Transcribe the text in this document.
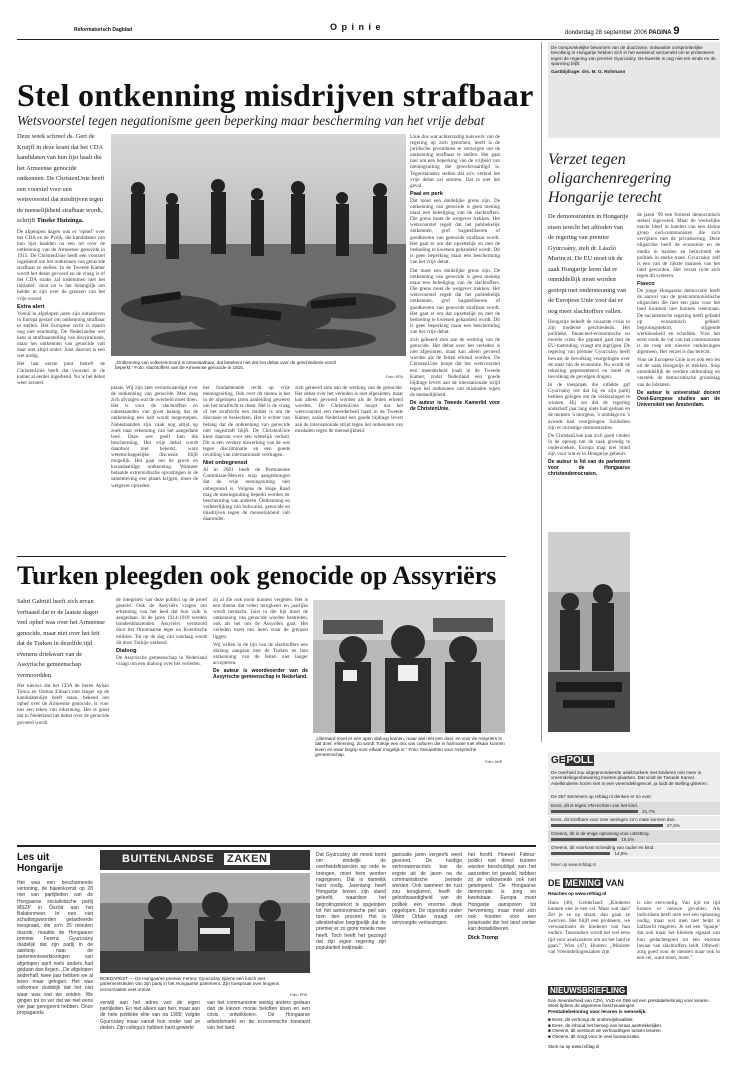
Reformatorisch Dagblad	O p i n i e
donderdag 28 september 2006 PAGINA 9
Stel ontkenning misdrijven strafbaar
Wetsvoorstel tegen negationisme geen beperking maar bescherming van het vrije debat

Deze week schreef ds. Gert de Kruijff in deze krant dat het CDA kandidaten van hun lijst haalt die het Armeense genocide ontkennen. De ChristenUnie heeft een voorstel voor een wetsvoorstel dat misdrijven tegen de menselijkheid strafbaar wordt, schrijft Tineke Huizinga.

De afgelopen dagen was er ‘ophef’ over het CDA en de PvdA, die kandidaten van hun lijst haalden na een rel over de ontkenning van de Armeense genocide in 1915. De ChristenUnie heeft een voorstel ingediend om het ontkennen van genocide strafbaar te stellen. In de Tweede Kamer wordt het debat gevoerd en de vraag is of het CDA straks zal instemmen met het initiatief. Juist nu is het belangrijk om helder te zijn over de grenzen van het vrije woord.

Extra alert

Vooral in afgelopen jaren zijn initiatieven in Europa gestart om ontkenning strafbaar te stellen. Het Europese recht is daarin nog niet eenduidig. De Nederlandse wet kent al strafbaarstelling van discriminatie, maar het ontkennen van genocide valt daar niet altijd onder. Juist daarom is een wet nodig.

Het laat eerste punt betreft de ChristenUnie heeft dat voorstel in de kamer al eerder ingediend. Nu is het debat weer actueel.

„Ontkenning van volkerenmoord is ontoelaatbaar, dat betekent niet dat het debat over de geschiedenis wordt beperkt.” Foto: slachtoffers van de Armeense genocide in 1915.
Foto: EPA

plaats. Wij zijn zeer verontwaardigd over de ontkenning van genocide. Men mag zich afvragen wat de overheid moet doen. Het is voor de slachtoffers en nabestaanden van groot belang dat de ontkenning een halt wordt toegeroepen. Nabestaanden zijn vaak nog altijd op zoek naar erkenning van het aangedane leed. Deze wet geeft hun die bescherming. Het vrije debat wordt daardoor niet beperkt, want wetenschappelijke discussie blijft mogelijk. Het gaat om de grove en kwaadaardige ontkenning. Wanneer betaalde extremistische opvattingen in de samenleving een plaats krijgen, moet de wetgever optreden.

het fundamentele recht op vrije meningsuiting. Ook over dit thema is het in de afgelopen jaren aanleiding geweest om het strafrecht te doen. Het is de vraag of het strafrecht een middel is om de discussie te beslechten. Het is echter van belang dat de ontkenning van genocide niet ongestraft blijft. De ChristenUnie kiest daarom voor een wettelijk verbod. Dit is een verdere uitwerking van de wet tegen discriminatie en een goede invulling van internationale verdragen.

Niet onbegrensd

Al in 2001 heeft de Permanente Commissie-Meyers erop aangedrongen dat de vrije meningsuiting niet onbegrensd is. Volgens de Hoge Raad mag de meningsuiting beperkt worden ter bescherming van anderen. Ontkenning en verheerlijking van holocaust, genocide en misdrijven tegen de menselijkheid valt daaronder.

Unie dus wat achterstallig huiswerk van de regering op zich genomen, heeft is de juridische procedures te verzorgen om de ontkenning strafbaar te stellen. Het gaat hier om een beperking van de vrijheid van meningsuiting die gerechtvaardigd is. Tegenstanders stellen dat zo'n verbod het vrije debat zal smoren. Dat is niet het geval.

Paal en perk

Dat moet een duidelijke grens zijn. De ontkenning van genocide is geen mening maar een belediging van de slachtoffers. Die grens moet de wetgever trekken. Het wetsvoorstel regelt dat het publiekelijk ontkennen, grof bagatelliseren of goedkeuren van genocide strafbaar wordt. Het gaat er om dat opzettelijk en met de bedoeling te kwetsen gehandeld wordt. Dit is geen beperking maar een bescherming van het vrije debat.

zich gelieerd zien aan de werking van de genocide. Het debat over het verleden is niet afgesloten, maar kan alleen gevoerd worden als de feiten erkend worden. De ChristenUnie hoopt dat het wetsvoorstel een meerderheid haalt in de Tweede Kamer, zodat Nederland een goede bijdrage levert aan de internationale strijd tegen het ontkennen van misdaden tegen de menselijkheid.

Dat moet een duidelijke grens zijn. De ontkenning van genocide is geen mening maar een belediging van de slachtoffers. Die grens moet de wetgever trekken. Het wetsvoorstel regelt dat het publiekelijk ontkennen, grof bagatelliseren of goedkeuren van genocide strafbaar wordt. Het gaat er om dat opzettelijk en met de bedoeling te kwetsen gehandeld wordt. Dit is geen beperking maar een bescherming van het vrije debat.

zich gelieerd zien aan de werking van de genocide. Het debat over het verleden is niet afgesloten, maar kan alleen gevoerd worden als de feiten erkend worden. De ChristenUnie hoopt dat het wetsvoorstel een meerderheid haalt in de Tweede Kamer, zodat Nederland een goede bijdrage levert aan de internationale strijd tegen het ontkennen van misdaden tegen de menselijkheid.

De auteur is Tweede Kamerlid voor de ChristenUnie.

Turken pleegden ook genocide op Assyriërs

Sabri Gabriël heeft zich ervan verbaasd dat er de laatste dagen veel ophef was over het Armeense genocide, maar niet over het feit dat de Turken in dezelfde tijd evenens driekwart van de Assyrische gemeenschap vermoordden.

Het nieuws dat het CDA de heren Ayhan Tonca en Osman Elmaci niet langer op de kandidatenlijst heeft staan, bekend om ophef over de Armeense genocide, is voor ons een teken van erkenning. Het is goed dat in Nederland het debat over de genocide gevoerd wordt.

de integriteit van deze politici op de proef gesteld. Ook de Assyriërs vragen om erkenning van het leed dat hun volk is aangedaan. In de jaren 1914-1918 werden honderdduizenden Assyriërs vermoord door het Ottomaanse leger en Koerdische milities. Tot op de dag van vandaag wordt dit door Turkije ontkend.

Dialoog

De Assyrische gemeenschap in Nederland vraagt om een dialoog over het verleden.

zij al die ook nooit kunnen vergeten. Het is een thema dat velen terugkeert en jaarlijks wordt herdacht. Juist in die lijn moet de ontkenning van genocide worden bestreden, ook als het om de Assyriërs gaat. Het verleden moet ons leren waar de grenzen liggen.

Wij willen in de lijn van de slachtoffers een dialoog aangaan met de Turken en hun ontkenning van de feiten niet langer accepteren.

De auteur is woordvoerder van de Assyrische gemeenschap in Nederland.

„Uiteraard moet er een open dialoog komen, maar wel met een doel, en voor de Assyriërs is dat doel: erkenning. Zo wordt Turkije een mix van culturen die in harmonie met elkaar kunnen leven en waar begrip voor elkaar mogelijk is.” Foto: Nieuwsfoto voor Assyrische gemeenschap.
Foto: ANP
De oorspronkelijke bewoners van de duurzame, ontwaakte oorspronkelijke bevolking in Hongarije hebben zich in het weekend verzameld om te protesteren tegen de regering van premier Gyurcsány. De kwestie is nog niet ten einde en de spanning blijft.
Gastbijdrage: drs. M. G. Rohmann
Verzet tegen oligarchenregering Hongarije terecht

De demonstranten in Hongarije eisen terecht het aftreden van de regering van premier Gyurcsány, stelt dr. László Murinczi. De EU moet uit de zaak Hongarije leren dat er onmiddellijk moet worden gestopt met ondersteuning van de Europese Unie voor dat er nog meer slachtoffers vallen.

Hongarije beleeft de zwaarste crisis in zijn moderne geschiedenis. Het politieke, financieel-economische en morele crisis die gepaard gaat met de EU-toetreding, vraagt om ingrijpen. De regering van premier Gyurcsány heeft bewust de bevolking voorgelogen over de staat van de economie. Nu wordt de rekening gepresenteerd en moet de bevolking de gevolgen dragen.

In de toespraak die uitlekte gaf Gyurcsány toe dat hij en zijn partij hebben gelogen om de verkiezingen te winnen. Hij zei dat de regering anderhalf jaar lang niets had gedaan en de mensen ’s morgens, ’s middags en ’s avonds had voorgelogen. Sindsdien zijn er onrustige demonstraties.

De ChristenUnie kan zich goed vinden in de oproep om de zaak grondig te onderzoeken. Europa mag niet blind zijn voor wat er in Hongarije gebeurt.

De auteur is lid van de parlement voor de Hongaarse christendemocraten.

de jaren ’90 een formeel democratisch stelsel ingevoerd. Maar de werkelijke macht bleef in handen van een kleine groep oud-communisten die zich verrijkten met de privatisering. Deze oligarchie heeft de economie en de media in handen en beïnvloedt de politiek in sterke mate. Gyurcsány zelf is een van de rijkste mannen van het land geworden. Het verzet richt zich tegen dit systeem.

Fiasco

De jonge Hongaarse democratie heeft de aanval van de postcommunistische oligarchen die met een plan voor het land kwamen niet kunnen weerstaan. De socialistische regering heeft gefaald op economisch gebied: begrotingstekort, stijgende werkloosheid en schulden. Voor het eerst sinds de val van het communisme is de roep om nieuwe verkiezingen algemeen. Het verzet is dus terecht.

Voor de Europese Unie is er ook een les uit de zaak Hongarije te trekken. Stop onmiddellijk de verdere uitbreiding en versterk de democratische grondslag van de lidstaten.

De auteur is universitair docent Oost-Europese studies aan de Universiteit van Amsterdam.

GEPOLL
De overheid zou uitgeprocedeerde asielzoekers met kinderen niet meer in vreemdelingenbewaring moeten plaatsen. Dat vindt de Tweede Kamer. Asielkinderen horen niet in een vreemdelingencel, ja luidt de stelling gisteren.
De 387 stemmers op refdag.nl denken er zo over:
Eens, dit is tegen VN-rechten van het kind.
21,7%
Eens, dit strafbare voor zeer weinigen zo'n mate kunnen dan.
27,9%
Oneens, dit is de enige oplossing voor uitzetting.
16,5%
Oneens, dit voorkomt scheiding van ouder en kind.
14,8%
Meer op www.refdag.nl
DE MENING VAN
Reacties op www.refdag.nl
Hans (46), Gelderland: „Kinderen kunnen niet in een cel. Maar wat dan? Zet je ze op straat, dan gaan ze zwerven. Het blijft een probleem, we verwaarlozen de kinderen van hun ouders. Tussendoor wordt het wel eens tijd voor asielzoekers om uit het land te gaan.” Wim (47), Houten: „Minister van Vreemdelingenzaken zijn
is niet eenvoudig. Van tijd tot tijd komen er nieuwe gevallen. Als individuen heeft men wel een oplossing nodig, maar wat men niet helpt is halfzacht reageren. Je zet een ‘Spanje’ dat ook maar het kleinste signaal van hun gedachtegoed tot een enorme lawaai van slachtoffers leidt. Oftewel: zorg goed voor de mensen maar ook in een cel, want moet, moet.”
NIEUWSBRIEFLING
Een meerderheid van CDA, VVD en D66 wil een prestatiebeloning voor leraren. Sterk tijdens de algemene beschouwingen.
Prestatiebeloning voor leraren is wenselijk.
■ Eens, dit verhoogt de onderwijskwaliteit.
■ Eens, de inhoud het beroep van leraar aantrekkelijker.
■ Oneens, dit verstoort de verhoudingen tussen leraren.
■ Oneens, dit zorgt voor te veel bureaucratie.
Stem nu op www.refdag.nl
Les uit Hongarije

Het was een beschamende vertoning, de bijeenkomst op 28 mei van partijleden van de Hongaarse socialistische partij MSZP in Őszöd aan het Balatonmeer. In een niet schuttingwoorden gelardeerde toespraak, die zo'n 25 minuten duurde, maakte de Hongaarse premier Ferenc Gyurcsány duidelijk dat zijn partij in de aanloop naar de parlementsverkiezingen van afgelopen april niets anders had gedaan dan liegen. „De afgelopen anderhalf, twee jaar hebben we al leren maar gelogen. Het was volkomen duidelijk dat het niet waar was wat we zeiden. We gingen tot zo ver dat we niet eens vier jaar geregeerd hebben. Onze propaganda

BUITENLANDSE ZAKEN
BOEDAPEST — De Hongaarse premier Ferenc Gyurcsány tijdens een lunch met parlementsleden van zijn partij in het Hongaarse parlement. Zijn toespraak over leugens veroorzaakte veel onrust.
Foto: EPA

verwijt aan het adres van de eigen partijleden. En niet alleen aan hen, maar aan de hele politieke elite van na 1989, volgde Gyurcsány maar vanuit hun onder wat ze deden. Zijn collega's hebben hard gewerkt

van het communisme weinig anders gedaan dan de kiezen mooie beloften doen en een crisis ontwikkelen. De Hongaarse arbeidsmarkt en de economische toestand van het land

Dat Gyurcsány de moed toont om eindelijk de overheidsfinanciën op orde te brengen, moet hem worden nagegeven. Dat is namelijk hard nodig. Jarenlang heeft Hongarije boven zijn stand geleefd, waardoor het begrotingstekort is opgelopen tot het astronomische peil van ruim tien procent. Het is allesbehalve begrijpelijk dat de premier er zo grote moeite mee heeft. Toch heeft het gezorgd dat zijn eigen regering zijn populariteit kwijtraakt.

ganisatie jaren vergeefs werd gevoerd. De huidige vertrouwenscrisis kan de ergste uit de jaren na de communistische periode worden. Ook wanneer de rust zou terugkeren, heeft de geloofwaardigheid van de politiek een enorme deuk opgelopen. De oppositie onder Viktor Orbán vraagt om vervroegde verkiezingen.

het hoofd. Hoewel Fidesz-politici niet direct kunnen worden beschuldigd van het aanzetten tot geweld, hebben zij de volkswoede ook niet getemperd. De Hongaarse democratie is jong en kwetsbaar. Europa moet Hongarije aansporen tot hervorming, maar moet zich ook hoeden voor een polarisatie die het land verder kan destabiliseren.

Dick Tromp
